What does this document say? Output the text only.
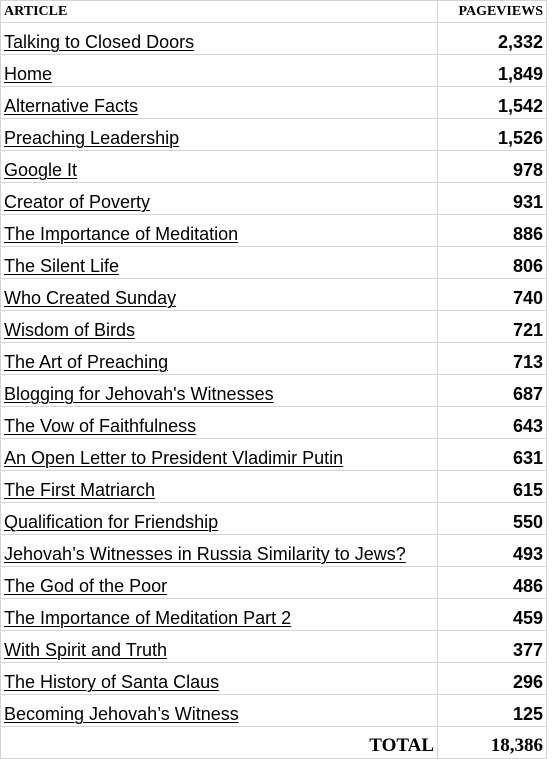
ARTICLE	PAGEVIEWS
Talking to Closed Doors	2,332
Home	1,849
Alternative Facts	1,542
Preaching Leadership	1,526
Google It	978
Creator of Poverty	931
The Importance of Meditation	886
The Silent Life	806
Who Created Sunday	740
Wisdom of Birds	721
The Art of Preaching	713
Blogging for Jehovah's Witnesses	687
The Vow of Faithfulness	643
An Open Letter to President Vladimir Putin	631
The First Matriarch	615
Qualification for Friendship	550
Jehovah’s Witnesses in Russia Similarity to Jews?	493
The God of the Poor	486
The Importance of Meditation Part 2	459
With Spirit and Truth	377
The History of Santa Claus	296
Becoming Jehovah’s Witness	125
TOTAL	18,386
